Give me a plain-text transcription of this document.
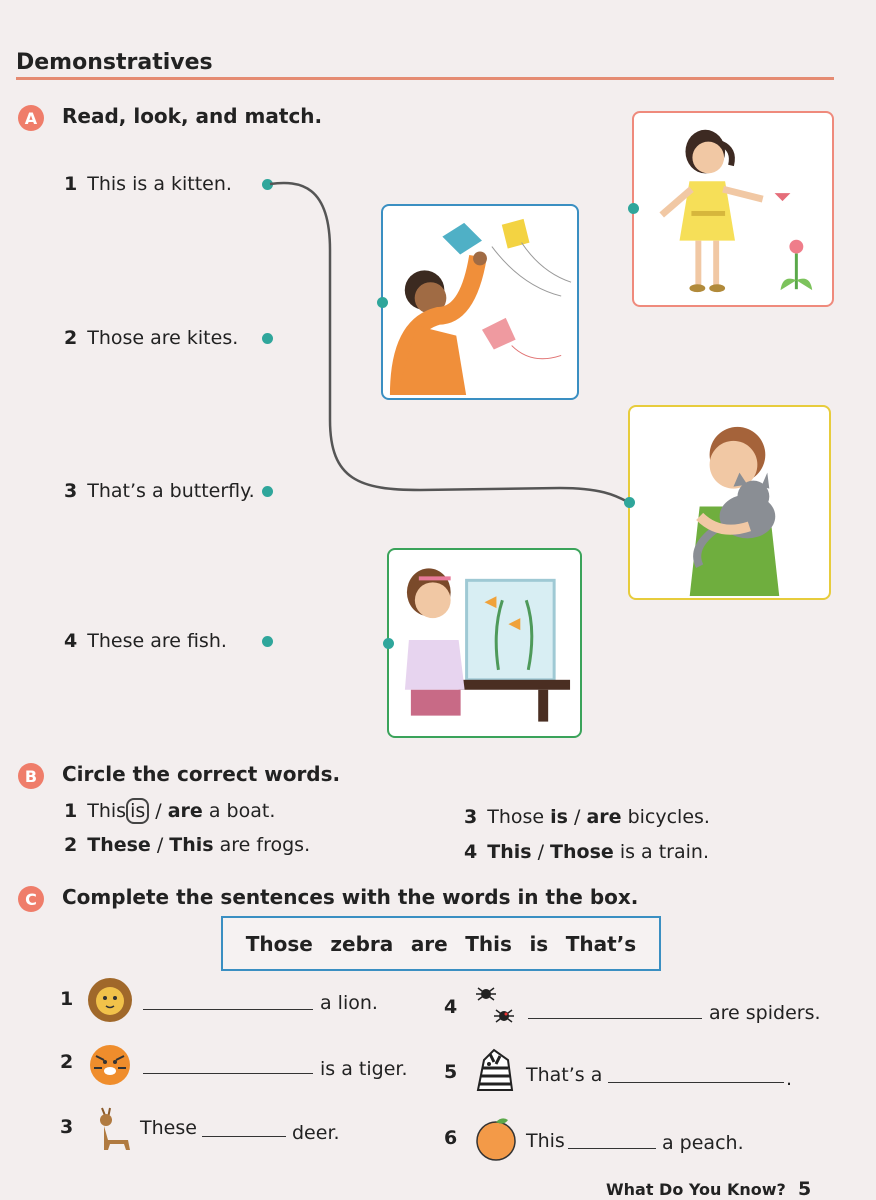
Demonstratives
A	Read, look, and match.
1 This is a kitten.
2 Those are kites.
3 That’s a butterfly.
4 These are fish.
B	Circle the correct words.
1 This is / are a boat.
2 These / This are frogs.
3 Those is / are bicycles.
4 This / Those is a train.
C	Complete the sentences with the words in the box.
Those zebra are This is That’s
1	a lion.
2	is a tiger.
3	These	deer.
4	are spiders.
5	That’s a	.
6	This	a peach.
What Do You Know? 5
